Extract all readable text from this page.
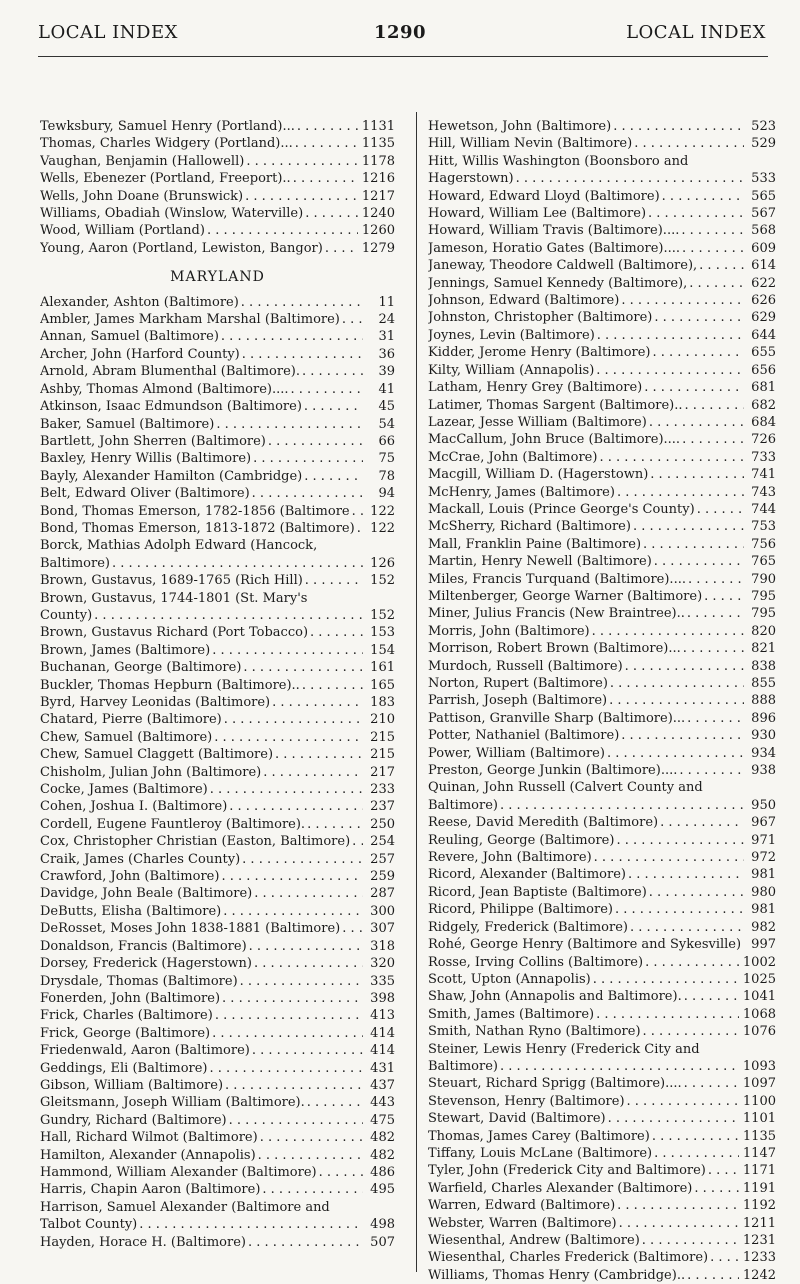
1290
LOCAL INDEX	LOCAL INDEX
Tewksbury, Samuel Henry (Portland)... . . .	1131
Thomas, Charles Widgery (Portland)... . . .	1135
Vaughan, Benjamin (Hallowell) . . .	1178
Wells, Ebenezer (Portland, Freeport).. . . .	1216
Wells, John Doane (Brunswick) . . .	1217
Williams, Obadiah (Winslow, Waterville) . . .	1240
Wood, William (Portland) . . .	1260
Young, Aaron (Portland, Lewiston, Bangor) . . .	1279
MARYLAND
Alexander, Ashton (Baltimore) . . .	11
Ambler, James Markham Marshal (Baltimore) . . .	24
Annan, Samuel (Baltimore) . . .	31
Archer, John (Harford County) . . .	36
Arnold, Abram Blumenthal (Baltimore). . . .	39
Ashby, Thomas Almond (Baltimore).... . . .	41
Atkinson, Isaac Edmundson (Baltimore) . . .	45
Baker, Samuel (Baltimore) . . .	54
Bartlett, John Sherren (Baltimore) . . .	66
Baxley, Henry Willis (Baltimore) . . .	75
Bayly, Alexander Hamilton (Cambridge) . . .	78
Belt, Edward Oliver (Baltimore) . . .	94
Bond, Thomas Emerson, 1782-1856 (Baltimore . . .	122
Bond, Thomas Emerson, 1813-1872 (Baltimore) . . .	122
Borck, Mathias Adolph Edward (Hancock, Baltimore) . . .	126
Brown, Gustavus, 1689-1765 (Rich Hill) . . .	152
Brown, Gustavus, 1744-1801 (St. Mary's County) . . .	152
Brown, Gustavus Richard (Port Tobacco) . . .	153
Brown, James (Baltimore) . . .	154
Buchanan, George (Baltimore) . . .	161
Buckler, Thomas Hepburn (Baltimore).. . . .	165
Byrd, Harvey Leonidas (Baltimore) . . .	183
Chatard, Pierre (Baltimore) . . .	210
Chew, Samuel (Baltimore) . . .	215
Chew, Samuel Claggett (Baltimore) . . .	215
Chisholm, Julian John (Baltimore) . . .	217
Cocke, James (Baltimore) . . .	233
Cohen, Joshua I. (Baltimore) . . .	237
Cordell, Eugene Fauntleroy (Baltimore). . . .	250
Cox, Christopher Christian (Easton, Baltimore) . . .	254
Craik, James (Charles County) . . .	257
Crawford, John (Baltimore) . . .	259
Davidge, John Beale (Baltimore) . . .	287
DeButts, Elisha (Baltimore) . . .	300
DeRosset, Moses John 1838-1881 (Baltimore) . . .	307
Donaldson, Francis (Baltimore) . . .	318
Dorsey, Frederick (Hagerstown) . . .	320
Drysdale, Thomas (Baltimore) . . .	335
Fonerden, John (Baltimore) . . .	398
Frick, Charles (Baltimore) . . .	413
Frick, George (Baltimore) . . .	414
Friedenwald, Aaron (Baltimore) . . .	414
Geddings, Eli (Baltimore) . . .	431
Gibson, William (Baltimore) . . .	437
Gleitsmann, Joseph William (Baltimore). . . .	443
Gundry, Richard (Baltimore) . . .	475
Hall, Richard Wilmot (Baltimore) . . .	482
Hamilton, Alexander (Annapolis) . . .	482
Hammond, William Alexander (Baltimore) . . .	486
Harris, Chapin Aaron (Baltimore) . . .	495
Harrison, Samuel Alexander (Baltimore and Talbot County) . . .	498
Hayden, Horace H. (Baltimore) . . .	507
Hewetson, John (Baltimore) . . .	523
Hill, William Nevin (Baltimore) . . .	529
Hitt, Willis Washington (Boonsboro and Hagerstown) . . .	533
Howard, Edward Lloyd (Baltimore) . . .	565
Howard, William Lee (Baltimore) . . .	567
Howard, William Travis (Baltimore).... . . .	568
Jameson, Horatio Gates (Baltimore).... . . .	609
Janeway, Theodore Caldwell (Baltimore), . . .	614
Jennings, Samuel Kennedy (Baltimore), . . .	622
Johnson, Edward (Baltimore) . . .	626
Johnston, Christopher (Baltimore) . . .	629
Joynes, Levin (Baltimore) . . .	644
Kidder, Jerome Henry (Baltimore) . . .	655
Kilty, William (Annapolis) . . .	656
Latham, Henry Grey (Baltimore) . . .	681
Latimer, Thomas Sargent (Baltimore).. . . .	682
Lazear, Jesse William (Baltimore) . . .	684
MacCallum, John Bruce (Baltimore).... . . .	726
McCrae, John (Baltimore) . . .	733
Macgill, William D. (Hagerstown) . . .	741
McHenry, James (Baltimore) . . .	743
Mackall, Louis (Prince George's County) . . .	744
McSherry, Richard (Baltimore) . . .	753
Mall, Franklin Paine (Baltimore) . . .	756
Martin, Henry Newell (Baltimore) . . .	765
Miles, Francis Turquand (Baltimore).... . . .	790
Miltenberger, George Warner (Baltimore) . . .	795
Miner, Julius Francis (New Braintree).. . . .	795
Morris, John (Baltimore) . . .	820
Morrison, Robert Brown (Baltimore)... . . .	821
Murdoch, Russell (Baltimore) . . .	838
Norton, Rupert (Baltimore) . . .	855
Parrish, Joseph (Baltimore) . . .	888
Pattison, Granville Sharp (Baltimore)... . . .	896
Potter, Nathaniel (Baltimore) . . .	930
Power, William (Baltimore) . . .	934
Preston, George Junkin (Baltimore).... . . .	938
Quinan, John Russell (Calvert County and Baltimore) . . .	950
Reese, David Meredith (Baltimore) . . .	967
Reuling, George (Baltimore) . . .	971
Revere, John (Baltimore) . . .	972
Ricord, Alexander (Baltimore) . . .	981
Ricord, Jean Baptiste (Baltimore) . . .	980
Ricord, Philippe (Baltimore) . . .	981
Ridgely, Frederick (Baltimore) . . .	982
Rohé, George Henry (Baltimore and Sykesville) . . . 997
Rosse, Irving Collins (Baltimore) . . .	1002
Scott, Upton (Annapolis) . . .	1025
Shaw, John (Annapolis and Baltimore). . . .	1041
Smith, James (Baltimore) . . .	1068
Smith, Nathan Ryno (Baltimore) . . .	1076
Steiner, Lewis Henry (Frederick City and Baltimore) . . .	1093
Steuart, Richard Sprigg (Baltimore).... . . .	1097
Stevenson, Henry (Baltimore) . . .	1100
Stewart, David (Baltimore) . . .	1101
Thomas, James Carey (Baltimore) . . .	1135
Tiffany, Louis McLane (Baltimore) . . .	1147
Tyler, John (Frederick City and Baltimore) . . .	1171
Warfield, Charles Alexander (Baltimore) . . .	1191
Warren, Edward (Baltimore) . . .	1192
Webster, Warren (Baltimore) . . .	1211
Wiesenthal, Andrew (Baltimore) . . .	1231
Wiesenthal, Charles Frederick (Baltimore) . . .	1233
Williams, Thomas Henry (Cambridge).. . . .	1242
